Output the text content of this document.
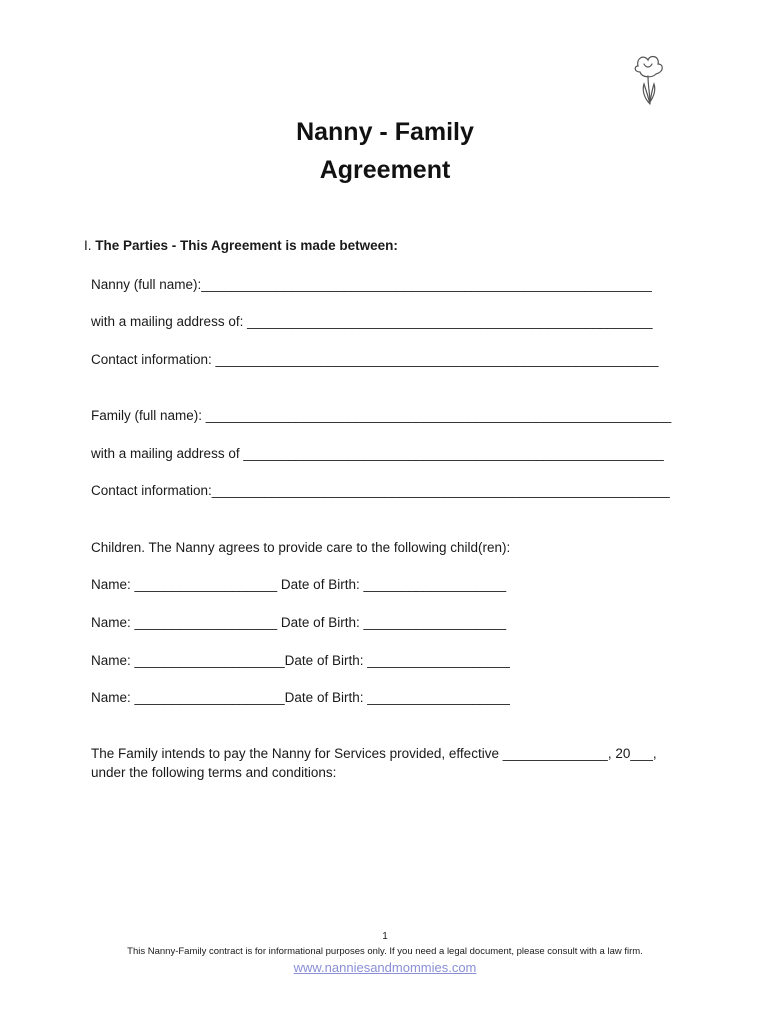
Nanny - Family
Agreement
I. The Parties - This Agreement is made between:
Nanny (full name):____________________________________________________________
with a mailing address of: ______________________________________________________
Contact information: ___________________________________________________________
Family (full name): ______________________________________________________________
with a mailing address of ________________________________________________________
Contact information:_____________________________________________________________
Children. The Nanny agrees to provide care to the following child(ren):
Name: ___________________ Date of Birth: ___________________
Name: ___________________ Date of Birth: ___________________
Name: ____________________Date of Birth: ___________________
Name: ____________________Date of Birth: ___________________
The Family intends to pay the Nanny for Services provided, effective ______________, 20___,
under the following terms and conditions:
1
This Nanny-Family contract is for informational purposes only. If you need a legal document, please consult with a law firm.
www.nanniesandmommies.com
